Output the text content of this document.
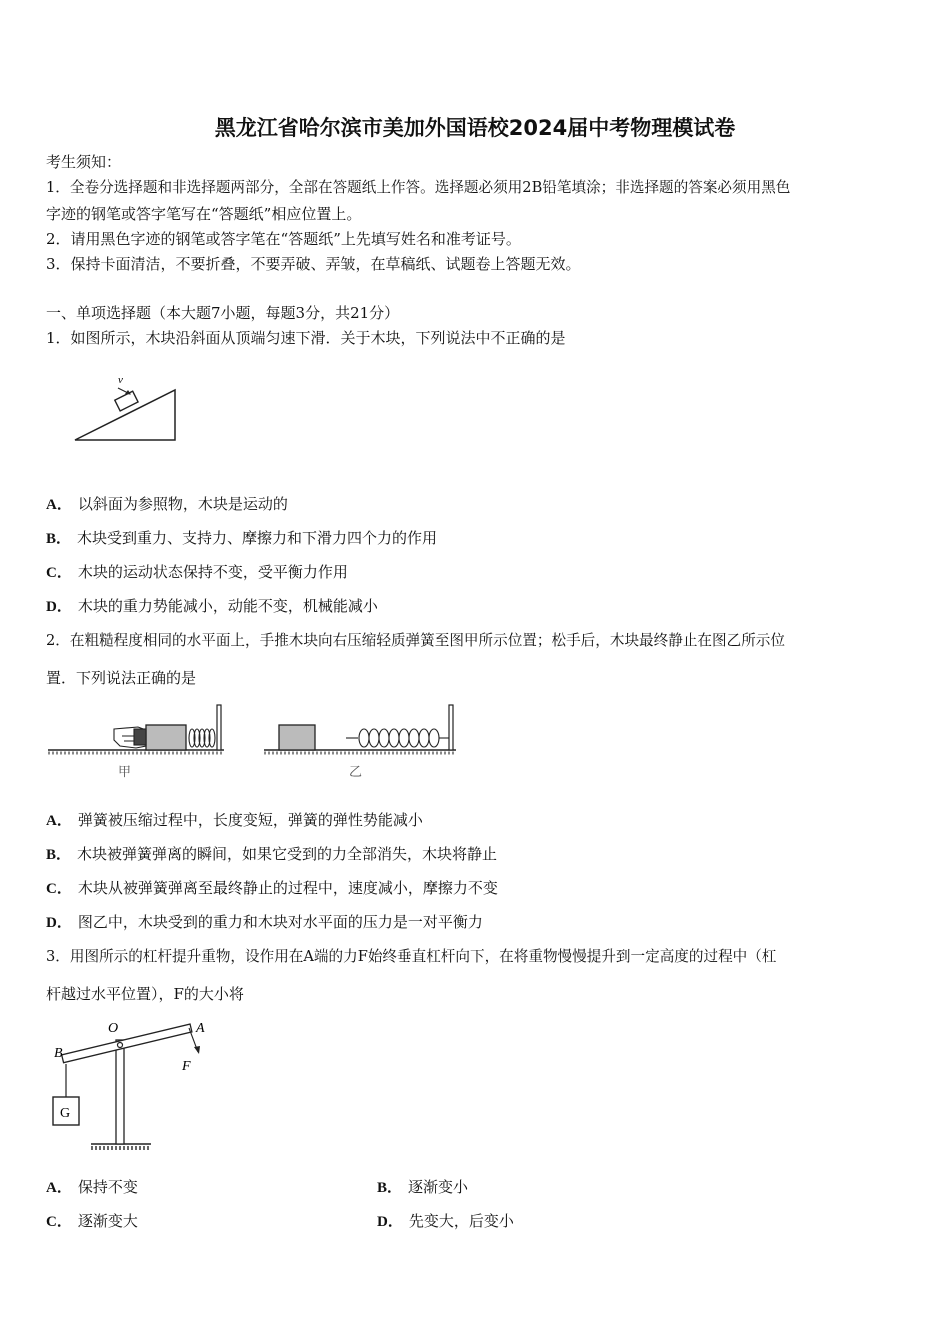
黑龙江省哈尔滨市美加外国语校2024届中考物理模试卷
考生须知：
1．全卷分选择题和非选择题两部分，全部在答题纸上作答。选择题必须用2B铅笔填涂；非选择题的答案必须用黑色
字迹的钢笔或答字笔写在“答题纸”相应位置上。
2．请用黑色字迹的钢笔或答字笔在“答题纸”上先填写姓名和准考证号。
3．保持卡面清洁，不要折叠，不要弄破、弄皱，在草稿纸、试题卷上答题无效。
一、单项选择题（本大题7小题，每题3分，共21分）
1．如图所示，木块沿斜面从顶端匀速下滑．关于木块，下列说法中不正确的是
v
A． 以斜面为参照物，木块是运动的
B． 木块受到重力、支持力、摩擦力和下滑力四个力的作用
C． 木块的运动状态保持不变，受平衡力作用
D． 木块的重力势能减小，动能不变，机械能减小
2．在粗糙程度相同的水平面上，手推木块向右压缩轻质弹簧至图甲所示位置；松手后，木块最终静止在图乙所示位
置．下列说法正确的是
甲	乙
A． 弹簧被压缩过程中，长度变短，弹簧的弹性势能减小
B． 木块被弹簧弹离的瞬间，如果它受到的力全部消失，木块将静止
C． 木块从被弹簧弹离至最终静止的过程中，速度减小，摩擦力不变
D． 图乙中，木块受到的重力和木块对水平面的压力是一对平衡力
3．用图所示的杠杆提升重物，设作用在A端的力F始终垂直杠杆向下，在将重物慢慢提升到一定高度的过程中（杠
杆越过水平位置），F的大小将
G
O	A
B
F
A． 保持不变	B． 逐渐变小
C． 逐渐变大	D． 先变大，后变小
